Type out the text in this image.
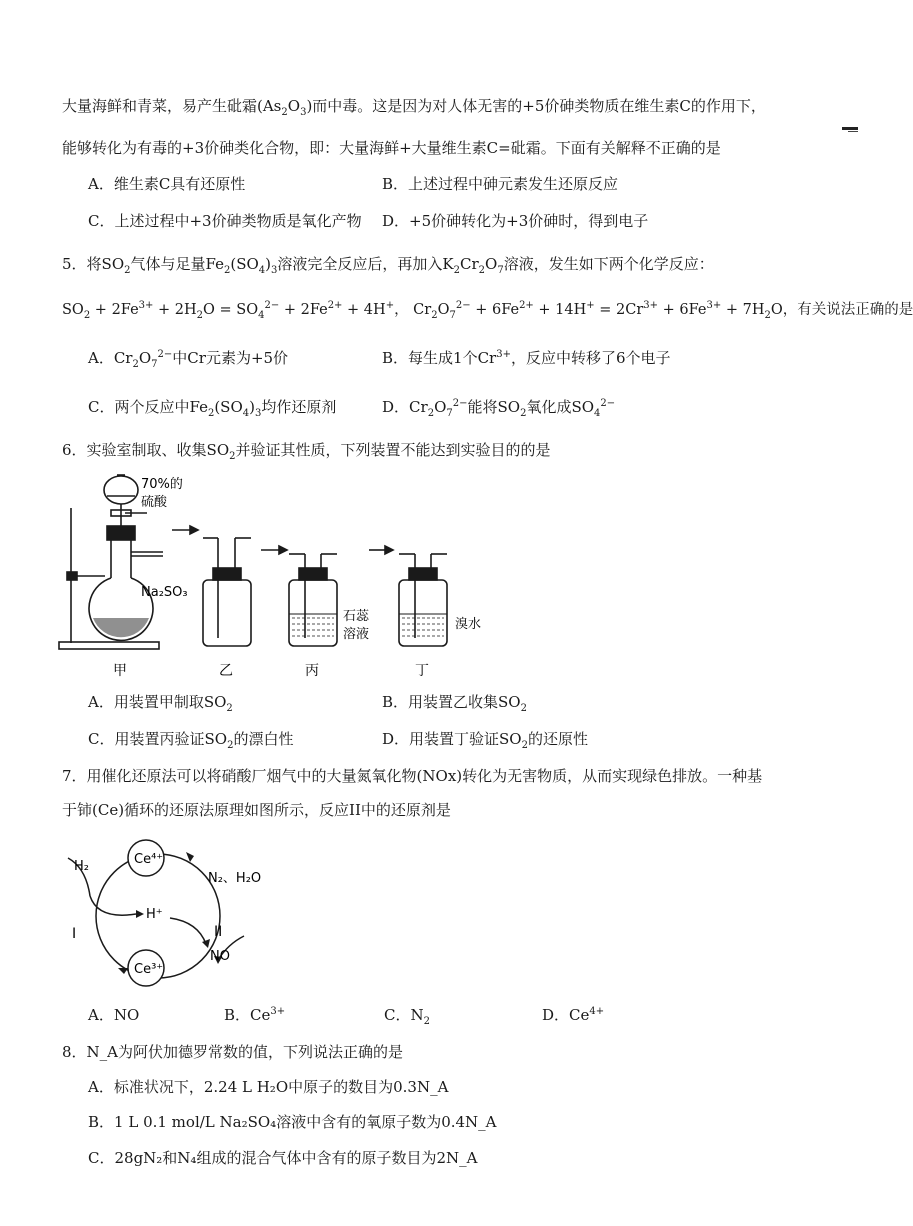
大量海鲜和青菜，易产生砒霜$(As_2O_3)$而中毒。这是因为对人体无害的+5价砷类物质在维生素C的作用下，
能够转化为有毒的+3价砷类化合物，即：大量海鲜+大量维生素C=砒霜。下面有关解释不正确的是
A．维生素C具有还原性	B．上述过程中砷元素发生还原反应
C．上述过程中+3价砷类物质是氧化产物 D．+5价砷转化为+3价砷时，得到电子
5．将$SO_2$气体与足量$Fe_2(SO_4)_3$溶液完全反应后，再加入$K_2Cr_2O_7$溶液，发生如下两个化学反应：
$SO_2 + 2Fe^{3+} + 2H_2O = SO_4^{2-} + 2Fe^{2+} + 4H^+$， $Cr_2O_7^{2-} + 6Fe^{2+} + 14H^+ = 2Cr^{3+} + 6Fe^{3+} + 7H_2O$，有关说法正确的是
A．$Cr_2O_7^{2-}$中Cr元素为+5价	B．每生成1个$Cr^{3+}$，反应中转移了6个电子
C．两个反应中$Fe_2(SO_4)_3$均作还原剂	D．$Cr_2O_7^{2-}$能将$SO_2$氧化成$SO_4^{2-}$
6．实验室制取、收集$SO_2$并验证其性质，下列装置不能达到实验目的的是
70%的
硫酸
Na₂SO₃
石蕊
溶液
溴水
甲	乙	丙	丁
A．用装置甲制取$SO_2$	B．用装置乙收集$SO_2$
C．用装置丙验证$SO_2$的漂白性	D．用装置丁验证$SO_2$的还原性
7．用催化还原法可以将硝酸厂烟气中的大量氮氧化物(NOx)转化为无害物质，从而实现绿色排放。一种基
于铈(Ce)循环的还原法原理如图所示，反应II中的还原剂是
Ce⁴⁺
Ce³⁺
H₂
H⁺
N₂、H₂O
NO
I	II
A．NO	B．$Ce^{3+}$	C．$N_2$	D．$Ce^{4+}$
8．N_A为阿伏加德罗常数的值，下列说法正确的是
A．标准状况下，2.24 L H₂O中原子的数目为0.3N_A
B．1 L 0.1 mol/L Na₂SO₄溶液中含有的氧原子数为0.4N_A
C．28gN₂和N₄组成的混合气体中含有的原子数目为2N_A
